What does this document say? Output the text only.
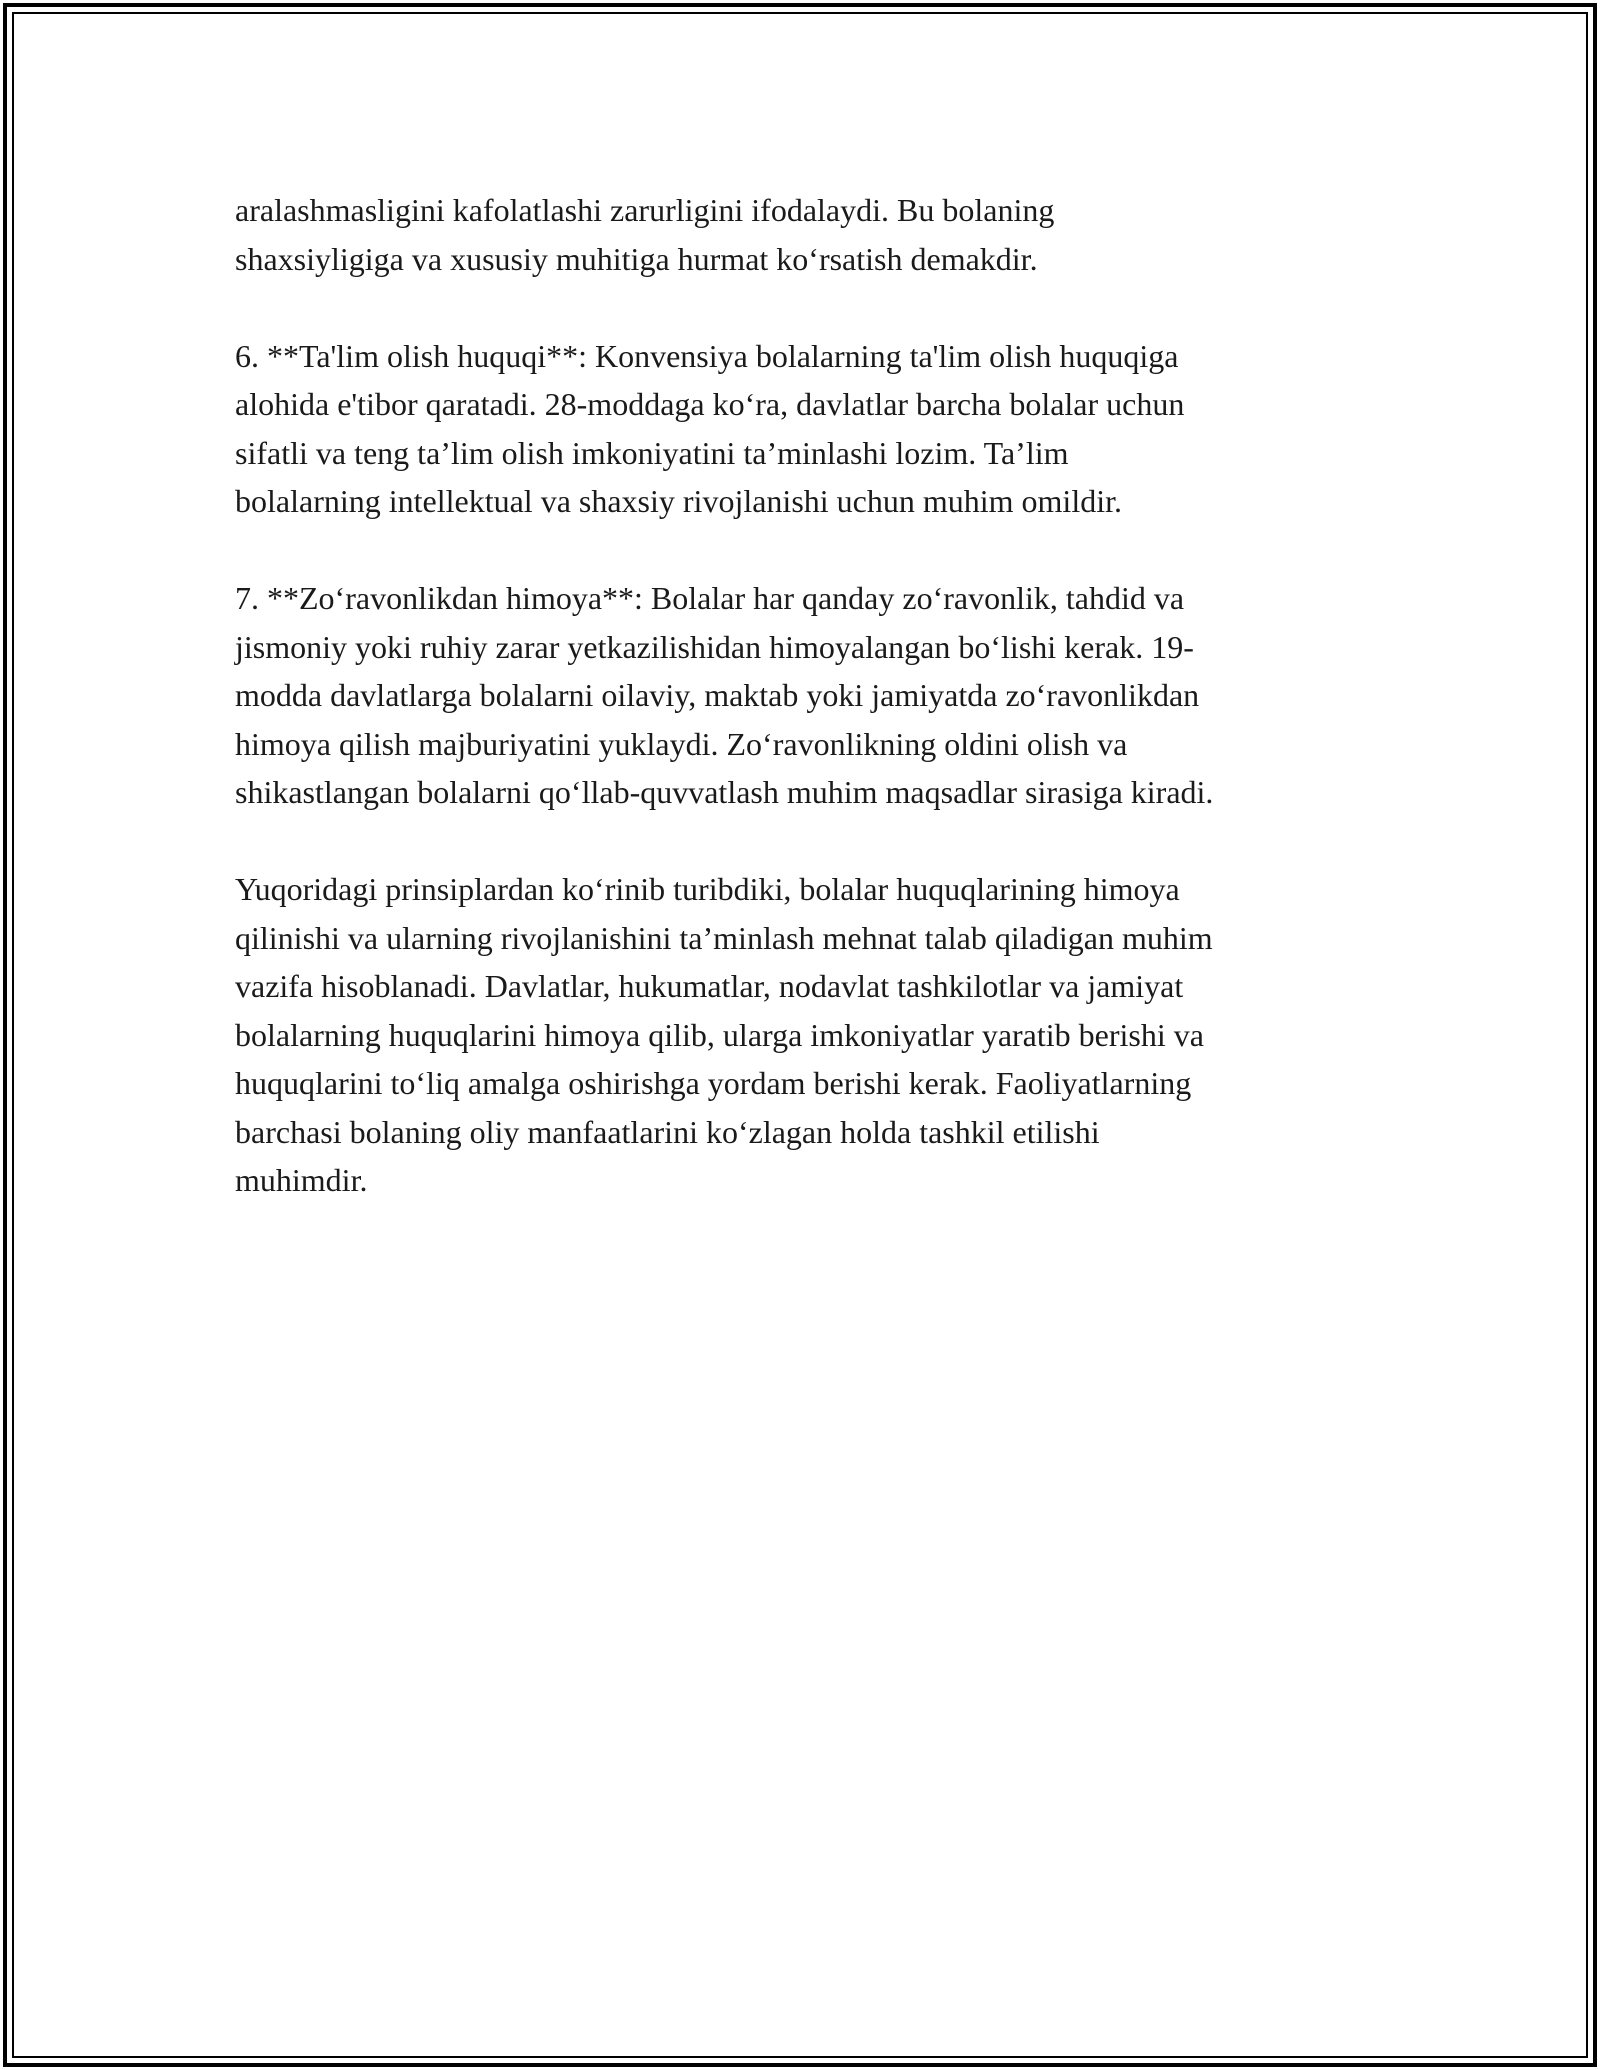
aralashmasligini kafolatlashi zarurligini ifodalaydi. Bu bolaning
shaxsiyligiga va xususiy muhitiga hurmat ko‘rsatish demakdir.

6. **Ta'lim olish huquqi**: Konvensiya bolalarning ta'lim olish huquqiga
alohida e'tibor qaratadi. 28-moddaga ko‘ra, davlatlar barcha bolalar uchun
sifatli va teng ta’lim olish imkoniyatini ta’minlashi lozim. Ta’lim
bolalarning intellektual va shaxsiy rivojlanishi uchun muhim omildir.

7. **Zo‘ravonlikdan himoya**: Bolalar har qanday zo‘ravonlik, tahdid va
jismoniy yoki ruhiy zarar yetkazilishidan himoyalangan bo‘lishi kerak. 19-
modda davlatlarga bolalarni oilaviy, maktab yoki jamiyatda zo‘ravonlikdan
himoya qilish majburiyatini yuklaydi. Zo‘ravonlikning oldini olish va
shikastlangan bolalarni qo‘llab-quvvatlash muhim maqsadlar sirasiga kiradi.

Yuqoridagi prinsiplardan ko‘rinib turibdiki, bolalar huquqlarining himoya
qilinishi va ularning rivojlanishini ta’minlash mehnat talab qiladigan muhim
vazifa hisoblanadi. Davlatlar, hukumatlar, nodavlat tashkilotlar va jamiyat
bolalarning huquqlarini himoya qilib, ularga imkoniyatlar yaratib berishi va
huquqlarini to‘liq amalga oshirishga yordam berishi kerak. Faoliyatlarning
barchasi bolaning oliy manfaatlarini ko‘zlagan holda tashkil etilishi
muhimdir.
